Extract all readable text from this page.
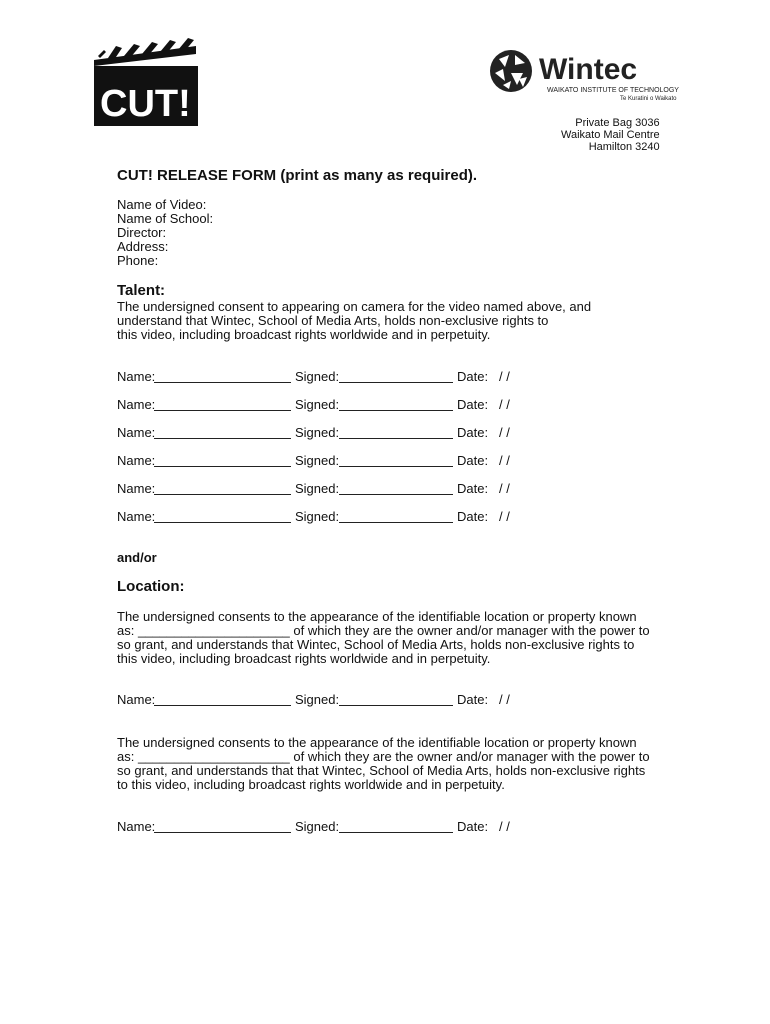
CUT!
Wintec
WAIKATO INSTITUTE OF TECHNOLOGY
Te Kuratini o Waikato
Private Bag 3036
Waikato Mail Centre
Hamilton 3240
CUT! RELEASE FORM (print as many as required).
Name of Video:
Name of School:
Director:
Address:
Phone:
Talent:
The undersigned consent to appearing on camera for the video named above, and
understand that Wintec, School of Media Arts, holds non-exclusive rights to
this video, including broadcast rights worldwide and in perpetuity.
Name:	Signed:	Date: / /
Name:	Signed:	Date: / /
Name:	Signed:	Date: / /
Name:	Signed:	Date: / /
Name:	Signed:	Date: / /
Name:	Signed:	Date: / /
Name:	Signed:	Date: / /
Name:	Signed:	Date: / /
and/or
Location:
The undersigned consents to the appearance of the identifiable location or property known
as: _____________________ of which they are the owner and/or manager with the power to
so grant, and understands that Wintec, School of Media Arts, holds non-exclusive rights to
this video, including broadcast rights worldwide and in perpetuity.
The undersigned consents to the appearance of the identifiable location or property known
as: _____________________ of which they are the owner and/or manager with the power to
so grant, and understands that that Wintec, School of Media Arts, holds non-exclusive rights
to this video, including broadcast rights worldwide and in perpetuity.
